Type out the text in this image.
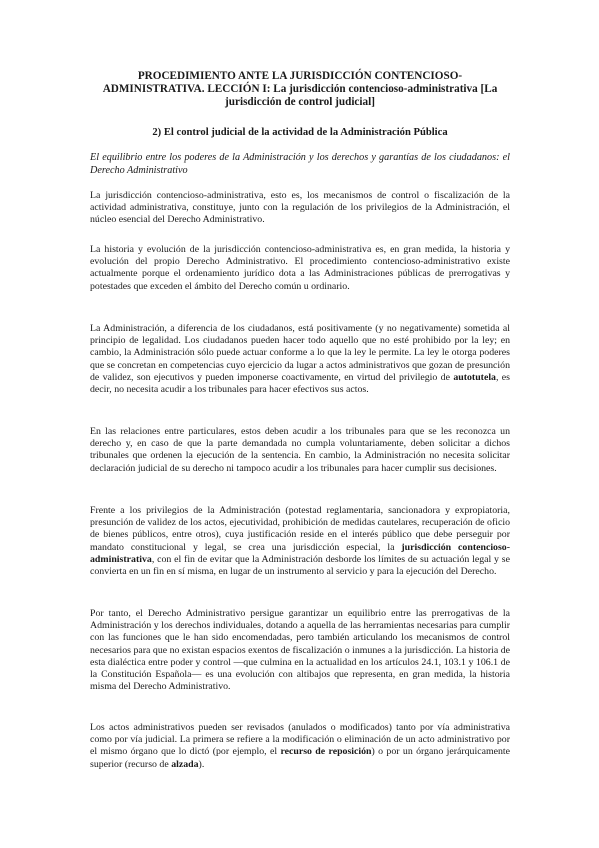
PROCEDIMIENTO ANTE LA JURISDICCIÓN CONTENCIOSO-ADMINISTRATIVA. LECCIÓN I: La jurisdicción contencioso-administrativa [La jurisdicción de control judicial]
2) El control judicial de la actividad de la Administración Pública
El equilibrio entre los poderes de la Administración y los derechos y garantías de los ciudadanos: el Derecho Administrativo

La jurisdicción contencioso-administrativa, esto es, los mecanismos de control o fiscalización de la actividad administrativa, constituye, junto con la regulación de los privilegios de la Administración, el núcleo esencial del Derecho Administrativo.

La historia y evolución de la jurisdicción contencioso-administrativa es, en gran medida, la historia y evolución del propio Derecho Administrativo. El procedimiento contencioso-administrativo existe actualmente porque el ordenamiento jurídico dota a las Administraciones públicas de prerrogativas y potestades que exceden el ámbito del Derecho común u ordinario.

La Administración, a diferencia de los ciudadanos, está positivamente (y no negativamente) sometida al principio de legalidad. Los ciudadanos pueden hacer todo aquello que no esté prohibido por la ley; en cambio, la Administración sólo puede actuar conforme a lo que la ley le permite. La ley le otorga poderes que se concretan en competencias cuyo ejercicio da lugar a actos administrativos que gozan de presunción de validez, son ejecutivos y pueden imponerse coactivamente, en virtud del privilegio de autotutela, es decir, no necesita acudir a los tribunales para hacer efectivos sus actos.

En las relaciones entre particulares, estos deben acudir a los tribunales para que se les reconozca un derecho y, en caso de que la parte demandada no cumpla voluntariamente, deben solicitar a dichos tribunales que ordenen la ejecución de la sentencia. En cambio, la Administración no necesita solicitar declaración judicial de su derecho ni tampoco acudir a los tribunales para hacer cumplir sus decisiones.

Frente a los privilegios de la Administración (potestad reglamentaria, sancionadora y expropiatoria, presunción de validez de los actos, ejecutividad, prohibición de medidas cautelares, recuperación de oficio de bienes públicos, entre otros), cuya justificación reside en el interés público que debe perseguir por mandato constitucional y legal, se crea una jurisdicción especial, la jurisdicción contencioso-administrativa, con el fin de evitar que la Administración desborde los límites de su actuación legal y se convierta en un fin en sí misma, en lugar de un instrumento al servicio y para la ejecución del Derecho.

Por tanto, el Derecho Administrativo persigue garantizar un equilibrio entre las prerrogativas de la Administración y los derechos individuales, dotando a aquella de las herramientas necesarias para cumplir con las funciones que le han sido encomendadas, pero también articulando los mecanismos de control necesarios para que no existan espacios exentos de fiscalización o inmunes a la jurisdicción. La historia de esta dialéctica entre poder y control —que culmina en la actualidad en los artículos 24.1, 103.1 y 106.1 de la Constitución Española— es una evolución con altibajos que representa, en gran medida, la historia misma del Derecho Administrativo.

Los actos administrativos pueden ser revisados (anulados o modificados) tanto por vía administrativa como por vía judicial. La primera se refiere a la modificación o eliminación de un acto administrativo por el mismo órgano que lo dictó (por ejemplo, el recurso de reposición) o por un órgano jerárquicamente superior (recurso de alzada).
